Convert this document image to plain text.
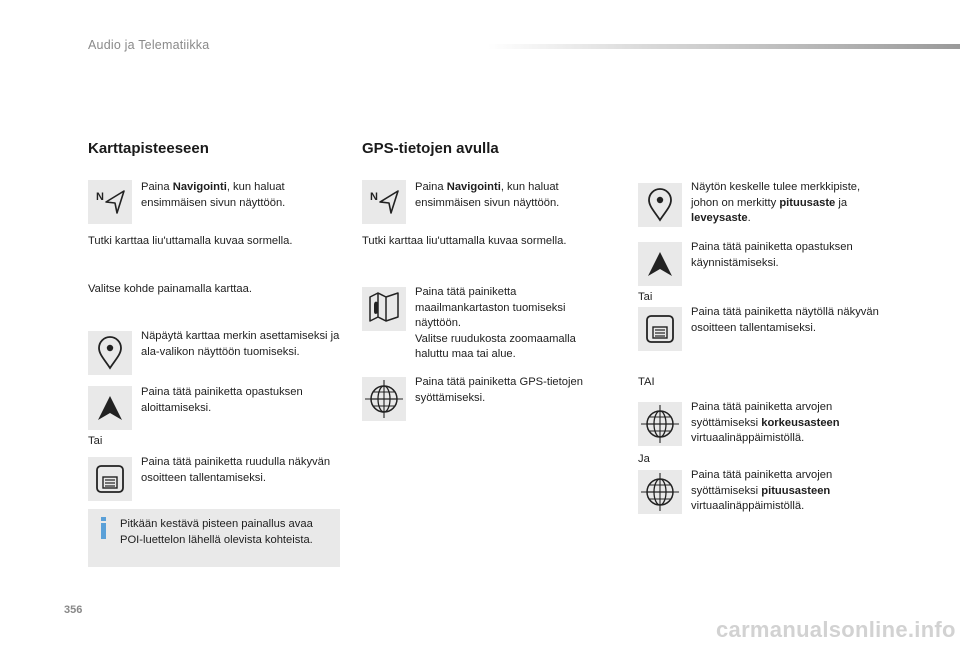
Audio ja Telematiikka
Karttapisteeseen
N
Paina Navigointi, kun haluat ensimmäisen sivun näyttöön.
Tutki karttaa liu'uttamalla kuvaa sormella.
Valitse kohde painamalla karttaa.
Näpäytä karttaa merkin asettamiseksi ja ala-valikon näyttöön tuomiseksi.
Paina tätä painiketta opastuksen aloittamiseksi.
Tai
Paina tätä painiketta ruudulla näkyvän osoitteen tallentamiseksi.
Pitkään kestävä pisteen painallus avaa POI-luettelon lähellä olevista kohteista.
GPS-tietojen avulla
N
Paina Navigointi, kun haluat ensimmäisen sivun näyttöön.
Tutki karttaa liu'uttamalla kuvaa sormella.
Paina tätä painiketta maailmankartaston tuomiseksi näyttöön.
Valitse ruudukosta zoomaamalla haluttu maa tai alue.
Paina tätä painiketta GPS-tietojen syöttämiseksi.
Näytön keskelle tulee merkkipiste, johon on merkitty pituusaste ja leveysaste.
Paina tätä painiketta opastuksen käynnistämiseksi.
Tai
Paina tätä painiketta näytöllä näkyvän osoitteen tallentamiseksi.
TAI
Paina tätä painiketta arvojen syöttämiseksi korkeusasteen virtuaalinäppäimistöllä.
Ja
Paina tätä painiketta arvojen syöttämiseksi pituusasteen virtuaalinäppäimistöllä.
356
carmanualsonline.info
